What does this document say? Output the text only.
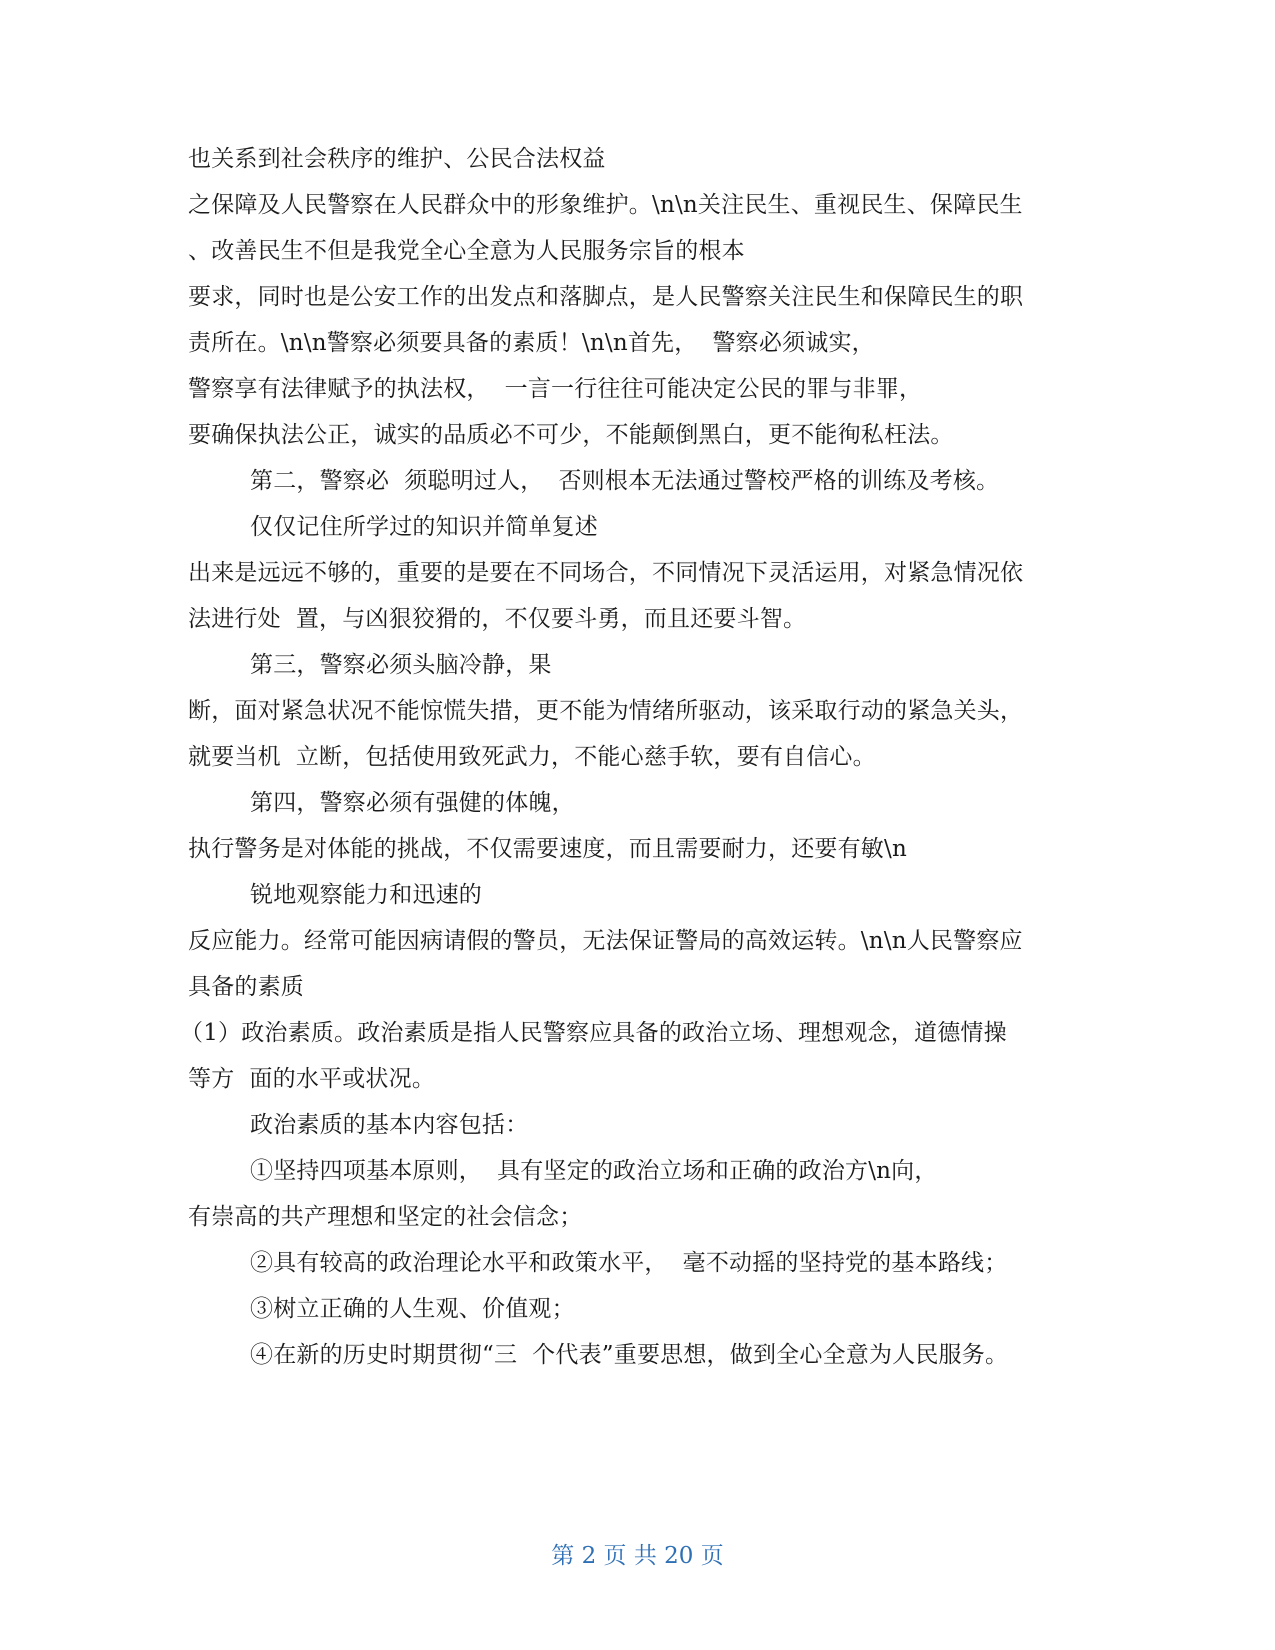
也关系到社会秩序的维护、公民合法权益
之保障及人民警察在人民群众中的形象维护。\n\n关注民生、重视民生、保障民生
、改善民生不但是我党全心全意为人民服务宗旨的根本
要求，同时也是公安工作的出发点和落脚点，是人民警察关注民生和保障民生的职
责所在。\n\n警察必须要具备的素质！\n\n首先，  警察必须诚实，
警察享有法律赋予的执法权，  一言一行往往可能决定公民的罪与非罪，
要确保执法公正，诚实的品质必不可少，不能颠倒黑白，更不能徇私枉法。
第二，警察必  须聪明过人，  否则根本无法通过警校严格的训练及考核。
仅仅记住所学过的知识并简单复述
出来是远远不够的，重要的是要在不同场合，不同情况下灵活运用，对紧急情况依
法进行处  置，与凶狠狡猾的，不仅要斗勇，而且还要斗智。
第三，警察必须头脑冷静，果
断，面对紧急状况不能惊慌失措，更不能为情绪所驱动，该采取行动的紧急关头，
就要当机  立断，包括使用致死武力，不能心慈手软，要有自信心。
第四，警察必须有强健的体魄，
执行警务是对体能的挑战，不仅需要速度，而且需要耐力，还要有敏\n
锐地观察能力和迅速的
反应能力。经常可能因病请假的警员，无法保证警局的高效运转。\n\n人民警察应
具备的素质
（1）政治素质。政治素质是指人民警察应具备的政治立场、理想观念，道德情操
等方  面的水平或状况。
政治素质的基本内容包括：
①坚持四项基本原则，  具有坚定的政治立场和正确的政治方\n向，
有崇高的共产理想和坚定的社会信念；
②具有较高的政治理论水平和政策水平，  毫不动摇的坚持党的基本路线；
③树立正确的人生观、价值观；
④在新的历史时期贯彻“三  个代表”重要思想，做到全心全意为人民服务。
第 2 页 共 20 页
